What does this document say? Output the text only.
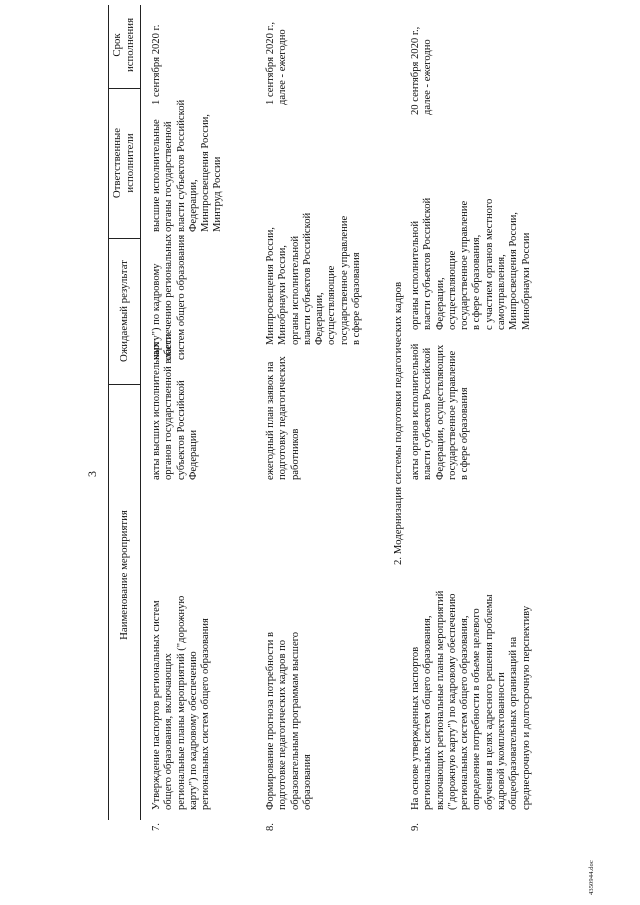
3
Наименование мероприятия
Ожидаемый результат
Ответственные
исполнители
Срок
исполнения
карту") по кадровому
обеспечению региональных
систем общего образования
7.
Утверждение паспортов региональных систем
общего образования, включающих
региональные планы мероприятий ("дорожную
карту") по кадровому обеспечению
региональных систем общего образования
акты высших исполнительных
органов государственной власти
субъектов Российской
Федерации
высшие исполнительные
органы государственной
власти субъектов Российской
Федерации,
Минпросвещения России,
Минтруд России
1 сентября 2020 г.
8.
Формирование прогноза потребности в
подготовке педагогических кадров по
образовательным программам высшего
образования
ежегодный план заявок на
подготовку педагогических
работников
Минпросвещения России,
Минобрнауки России,
органы исполнительной
власти субъектов Российской
Федерации,
осуществляющие
государственное управление
в сфере образования
1 сентября 2020 г.,
далее - ежегодно
2. Модернизация системы подготовки педагогических кадров
9.
На основе утвержденных паспортов
региональных систем общего образования,
включающих региональные планы мероприятий
("дорожную карту") по кадровому обеспечению
региональных систем общего образования,
определение потребности в объеме целевого
обучения в целях адресного решения проблемы
кадровой укомплектованности
общеобразовательных организаций на
среднесрочную и долгосрочную перспективу
акты органов исполнительной
власти субъектов Российской
Федерации, осуществляющих
государственное управление
в сфере образования
органы исполнительной
власти субъектов Российской
Федерации,
осуществляющие
государственное управление
в сфере образования,
с участием органов местного
самоуправления,
Минпросвещения России,
Минобрнауки России
20 сентября 2020 г.,
далее - ежегодно
4350944.doc
